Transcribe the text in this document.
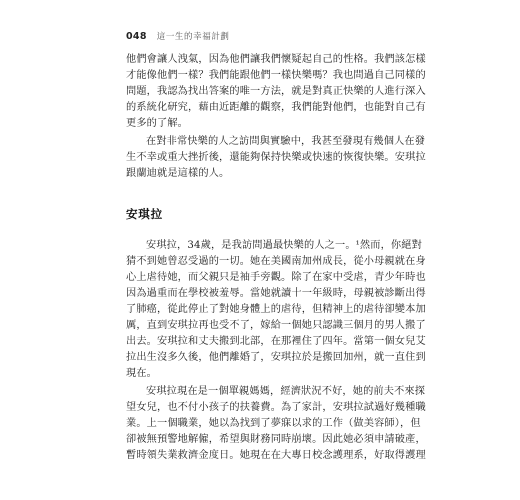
048 這一生的幸福計劃
他們會讓人洩氣，因為他們讓我們懷疑起自己的性格。我們該怎樣
才能像他們一樣？我們能跟他們一樣快樂嗎？我也問過自己同樣的
問題，我認為找出答案的唯一方法，就是對真正快樂的人進行深入
的系統化研究，藉由近距離的觀察，我們能對他們，也能對自己有
更多的了解。
在對非常快樂的人之訪問與實驗中，我甚至發現有幾個人在發
生不幸或重大挫折後，還能夠保持快樂或快速的恢復快樂。安琪拉
跟蘭迪就是這樣的人。
安琪拉
安琪拉，34歲，是我訪問過最快樂的人之一。¹然而，你絕對
猜不到她曾忍受過的一切。她在美國南加州成長，從小母親就在身
心上虐待她，而父親只是袖手旁觀。除了在家中受虐，青少年時也
因為過重而在學校被羞辱。當她就讀十一年級時，母親被診斷出得
了肺癌，從此停止了對她身體上的虐待，但精神上的虐待卻變本加
厲，直到安琪拉再也受不了，嫁給一個她只認識三個月的男人搬了
出去。安琪拉和丈夫搬到北部，在那裡住了四年。當第一個女兒艾
拉出生沒多久後，他們離婚了，安琪拉於是搬回加州，就一直住到
現在。
安琪拉現在是一個單親媽媽，經濟狀況不好，她的前夫不來探
望女兒，也不付小孩子的扶養費。為了家計，安琪拉試過好幾種職
業。上一個職業，她以為找到了夢寐以求的工作（做美容師），但
卻被無預警地解僱，希望與財務同時崩壞。因此她必須申請破產，
暫時領失業救濟金度日。她現在在大專日校念護理系，好取得護理
